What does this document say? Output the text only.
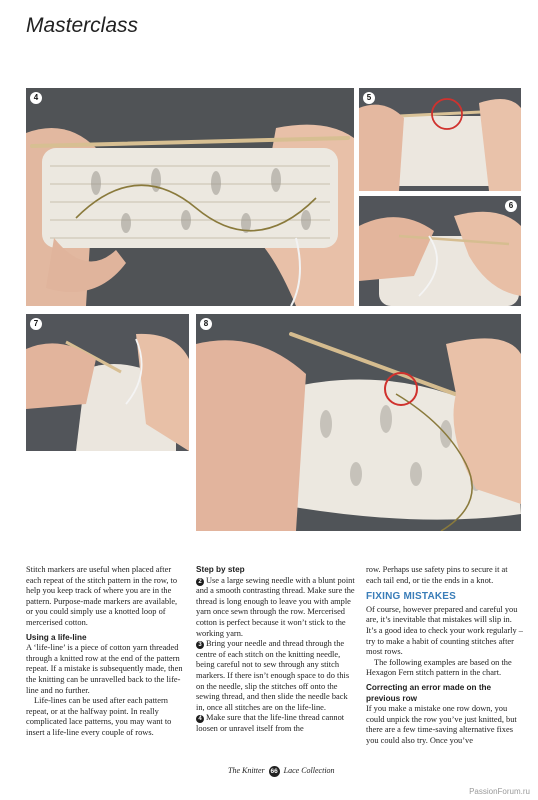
Masterclass
4	5
6
7	8

Stitch markers are useful when placed after each repeat of the stitch pattern in the row, to help you keep track of where you are in the pattern. Purpose-made markers are available, or you could simply use a knotted loop of mercerised cotton.

Using a life-line

A ‘life-line’ is a piece of cotton yarn threaded through a knitted row at the end of the pattern repeat. If a mistake is subsequently made, then the knitting can be unravelled back to the life-line and no further.

Life-lines can be used after each pattern repeat, or at the halfway point. In really complicated lace patterns, you may want to insert a life-line every couple of rows.

Step by step

2 Use a large sewing needle with a blunt point and a smooth contrasting thread. Make sure the thread is long enough to leave you with ample yarn once sewn through the row. Mercerised cotton is perfect because it won’t stick to the working yarn.

3 Bring your needle and thread through the centre of each stitch on the knitting needle, being careful not to sew through any stitch markers. If there isn’t enough space to do this on the needle, slip the stitches off onto the sewing thread, and then slide the needle back in, once all stitches are on the life-line.

4 Make sure that the life-line thread cannot loosen or unravel itself from the

row. Perhaps use safety pins to secure it at each tail end, or tie the ends in a knot.

FIXING MISTAKES

Of course, however prepared and careful you are, it’s inevitable that mistakes will slip in. It’s a good idea to check your work regularly – try to make a habit of counting stitches after most rows.

The following examples are based on the Hexagon Fern stitch pattern in the chart.

Correcting an error made on the previous row

If you make a mistake one row down, you could unpick the row you’ve just knitted, but there are a few time-saving alternative fixes you could also try. Once you’ve

The Knitter 66 Lace Collection
PassionForum.ru
